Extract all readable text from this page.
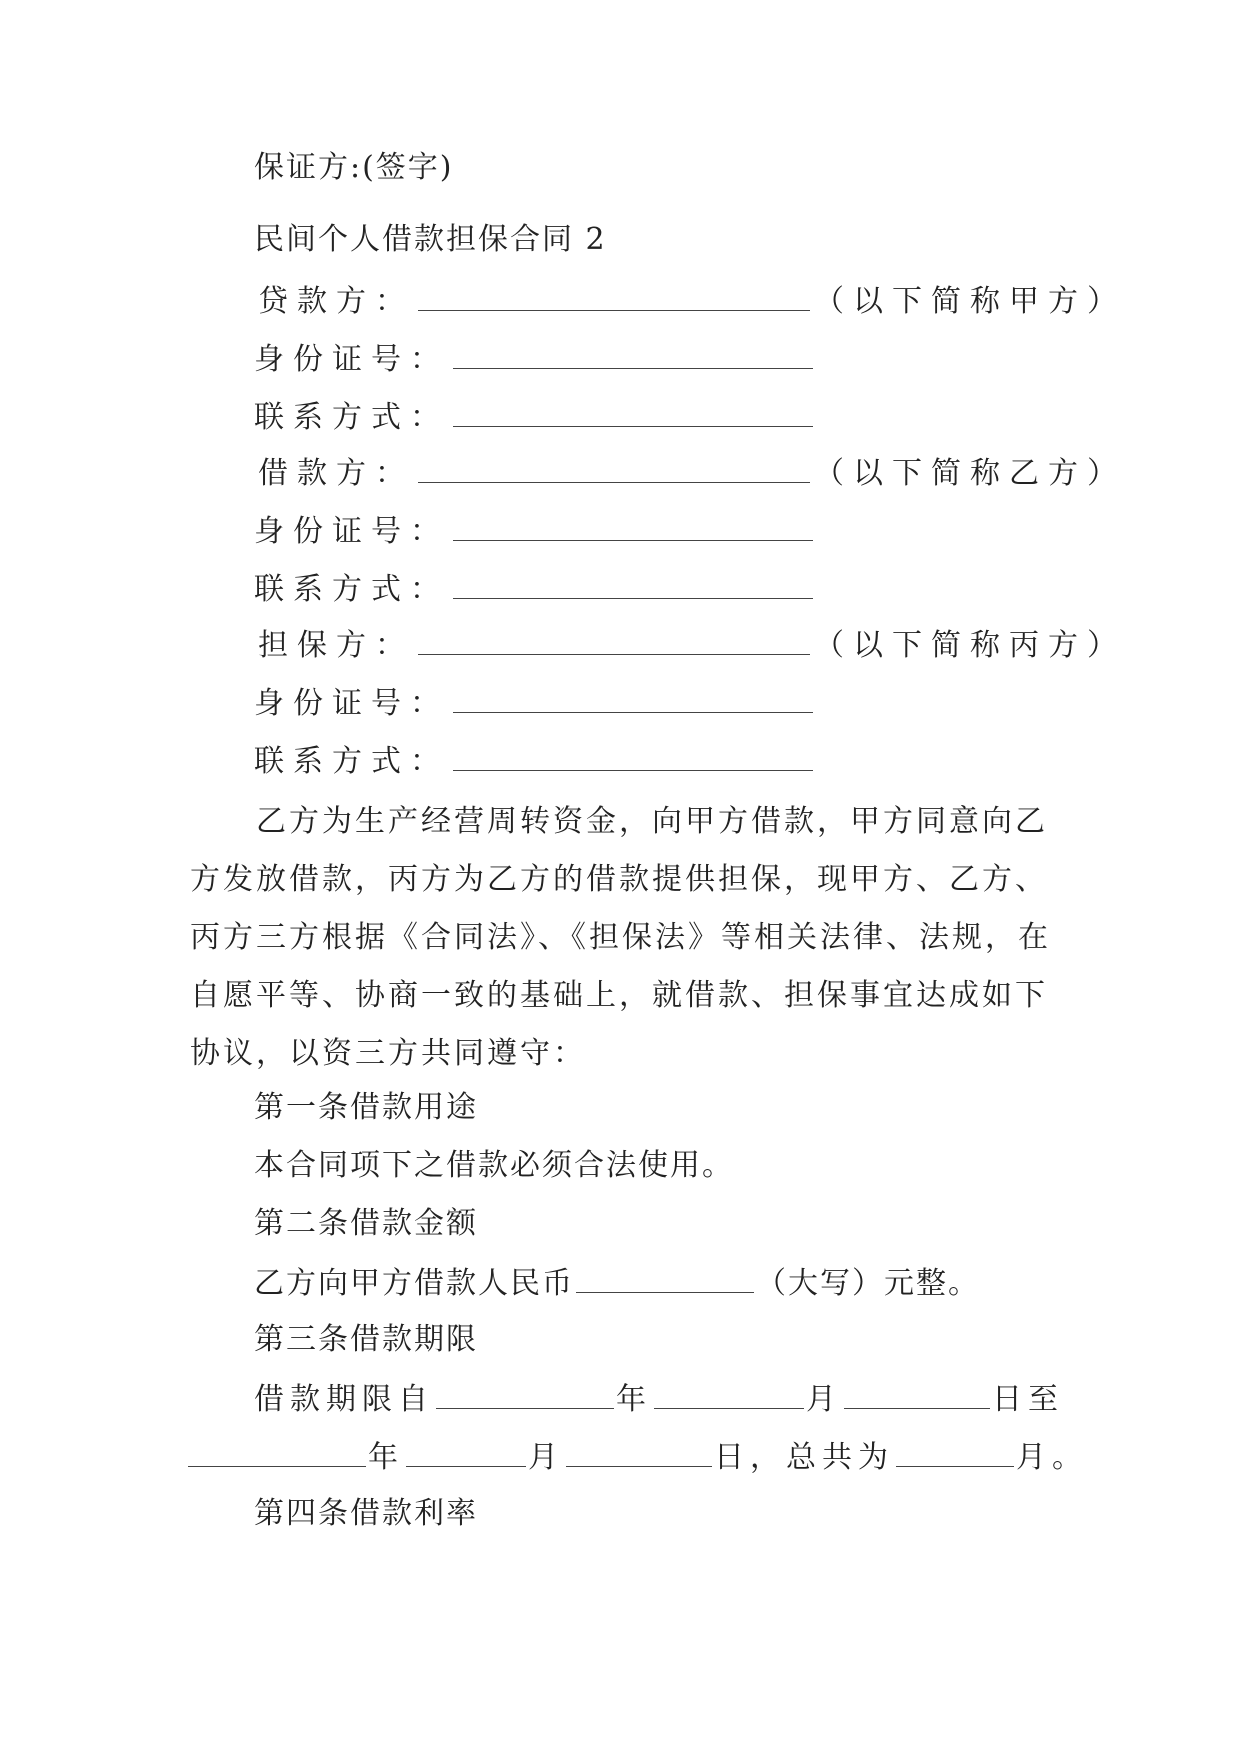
保证方:(签字)
民间个人借款担保合同 2
贷款方：	（以下简称甲方）
身份证号：
联系方式：
借款方：	（以下简称乙方）
身份证号：
联系方式：
担保方：	（以下简称丙方）
身份证号：
联系方式：
乙方为生产经营周转资金，向甲方借款，甲方同意向乙方发放借款，丙方为乙方的借款提供担保，现甲方、乙方、丙方三方根据《合同法》、《担保法》等相关法律、法规，在自愿平等、协商一致的基础上，就借款、担保事宜达成如下协议，以资三方共同遵守：
第一条借款用途
本合同项下之借款必须合法使用。
第二条借款金额
乙方向甲方借款人民币	（大写）元整。
第三条借款期限
借款期限自	年	月	日至
年	月	日，总共为	月。
第四条借款利率
